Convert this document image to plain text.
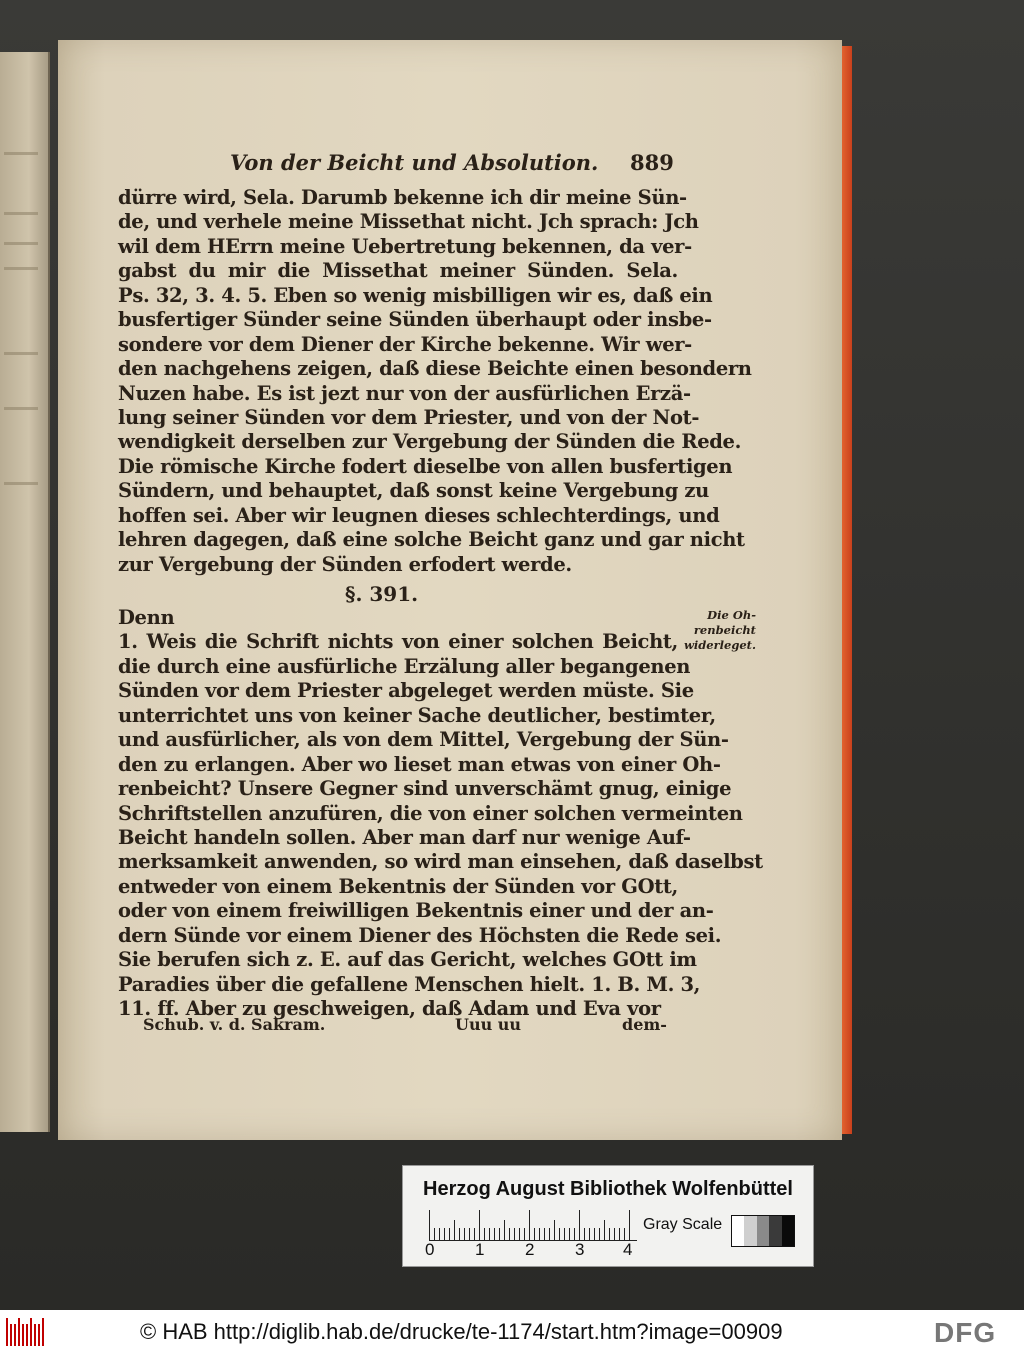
Von der Beicht und Absolution.	889
dürre wird, Sela. Darumb bekenne ich dir meine Sün-
de, und verhele meine Missethat nicht. Jch sprach: Jch
wil dem HErrn meine Uebertretung bekennen, da ver-
gabst du mir die Missethat meiner Sünden. Sela.
Ps. 32, 3. 4. 5. Eben so wenig misbilligen wir es, daß ein
busfertiger Sünder seine Sünden überhaupt oder insbe-
sondere vor dem Diener der Kirche bekenne. Wir wer-
den nachgehens zeigen, daß diese Beichte einen besondern
Nuzen habe. Es ist jezt nur von der ausfürlichen Erzä-
lung seiner Sünden vor dem Priester, und von der Not-
wendigkeit derselben zur Vergebung der Sünden die Rede.
Die römische Kirche fodert dieselbe von allen busfertigen
Sündern, und behauptet, daß sonst keine Vergebung zu
hoffen sei. Aber wir leugnen dieses schlechterdings, und
lehren dagegen, daß eine solche Beicht ganz und gar nicht
zur Vergebung der Sünden erfodert werde.
§. 391.
Denn
1. Weis die Schrift nichts von einer solchen Beicht,
die durch eine ausfürliche Erzälung aller begangenen
Sünden vor dem Priester abgeleget werden müste. Sie
unterrichtet uns von keiner Sache deutlicher, bestimter,
und ausfürlicher, als von dem Mittel, Vergebung der Sün-
den zu erlangen. Aber wo lieset man etwas von einer Oh-
renbeicht? Unsere Gegner sind unverschämt gnug, einige
Schriftstellen anzufüren, die von einer solchen vermeinten
Beicht handeln sollen. Aber man darf nur wenige Auf-
merksamkeit anwenden, so wird man einsehen, daß daselbst
entweder von einem Bekentnis der Sünden vor GOtt,
oder von einem freiwilligen Bekentnis einer und der an-
dern Sünde vor einem Diener des Höchsten die Rede sei.
Sie berufen sich z. E. auf das Gericht, welches GOtt im
Paradies über die gefallene Menschen hielt. 1. B. M. 3,
11. ff. Aber zu geschweigen, daß Adam und Eva vor
Die Oh-
renbeicht
widerleget.
Schub. v. d. Sakram.	Uuu uu	dem-
Herzog August Bibliothek Wolfenbüttel
0 1 2 3 4
Gray Scale
© HAB http://diglib.hab.de/drucke/te-1174/start.htm?image=00909	DFG
